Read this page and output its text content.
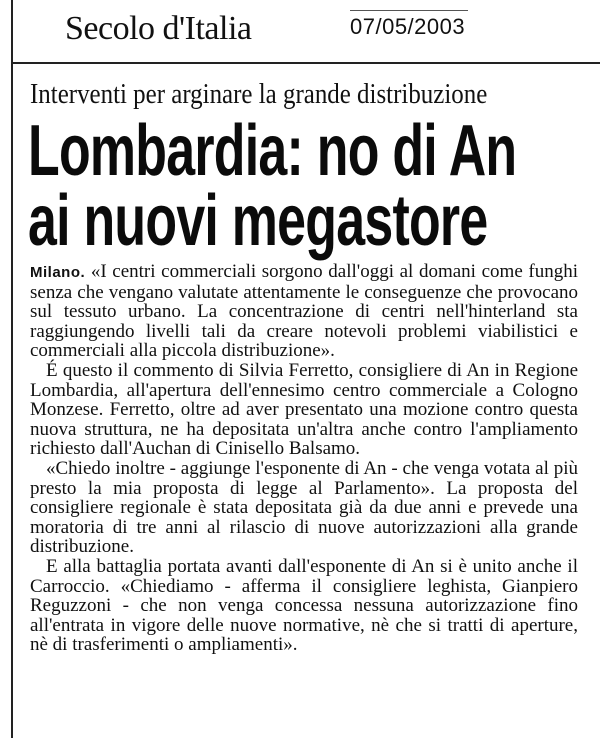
Secolo d'Italia	07/05/2003
Interventi per arginare la grande distribuzione
Lombardia: no di An
ai nuovi megastore

Milano. «I centri commerciali sorgono dall'oggi al domani come funghi senza che vengano valutate attentamente le conseguenze che provocano sul tessuto urbano. La concentrazione di centri nell'hinterland sta raggiungendo livelli tali da creare notevoli problemi viabilistici e commerciali alla piccola distribuzione».

É questo il commento di Silvia Ferretto, consigliere di An in Regione Lombardia, all'apertura dell'ennesimo centro commerciale a Cologno Monzese. Ferretto, oltre ad aver presentato una mozione contro questa nuova struttura, ne ha depositata un'altra anche contro l'ampliamento richiesto dall'Auchan di Cinisello Balsamo.

«Chiedo inoltre - aggiunge l'esponente di An - che venga votata al più presto la mia proposta di legge al Parlamento». La proposta del consigliere regionale è stata depositata già da due anni e prevede una moratoria di tre anni al rilascio di nuove autorizzazioni alla grande distribuzione.

E alla battaglia portata avanti dall'esponente di An si è unito anche il Carroccio. «Chiediamo - afferma il consigliere leghista, Gianpiero Reguzzoni - che non venga concessa nessuna autorizzazione fino all'entrata in vigore delle nuove normative, nè che si tratti di aperture, nè di trasferimenti o ampliamenti».
